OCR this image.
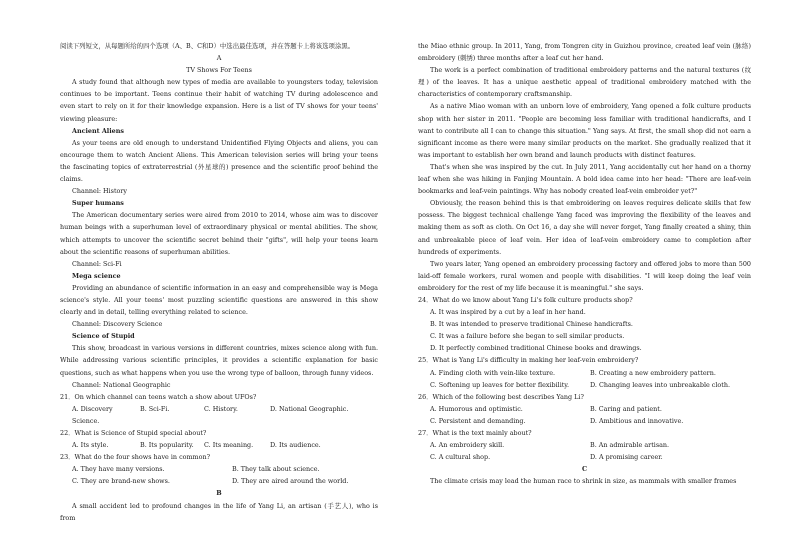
阅读下列短文，从每题所给的四个选项（A、B、C和D）中选出最佳选项，并在答题卡上将该选项涂黑。

A

TV Shows For Teens

A study found that although new types of media are available to youngsters today, television continues to be important. Teens continue their habit of watching TV during adolescence and even start to rely on it for their knowledge expansion. Here is a list of TV shows for your teens' viewing pleasure:

Ancient Aliens

As your teens are old enough to understand Unidentified Flying Objects and aliens, you can encourage them to watch Ancient Aliens. This American television series will bring your teens the fascinating topics of extraterrestrial (外星球的) presence and the scientific proof behind the claims.

Channel: History

Super humans

The American documentary series were aired from 2010 to 2014, whose aim was to discover human beings with a superhuman level of extraordinary physical or mental abilities. The show, which attempts to uncover the scientific secret behind their "gifts", will help your teens learn about the scientific reasons of superhuman abilities.

Channel: Sci-Fi

Mega science

Providing an abundance of scientific information in an easy and comprehensible way is Mega science's style. All your teens' most puzzling scientific questions are answered in this show clearly and in detail, telling everything related to science.

Channel: Discovery Science

Science of Stupid

This show, broadcast in various versions in different countries, mixes science along with fun. While addressing various scientific principles, it provides a scientific explanation for basic questions, such as what happens when you use the wrong type of balloon, through funny videos.

Channel: National Geographic

21．On which channel can teens watch a show about UFOs?

A. Discovery Science.
B. Sci-Fi.	C. History.	D. National Geographic.

22．What is Science of Stupid special about?

A. Its style.	B. Its popularity.	C. Its meaning.	D. Its audience.

23．What do the four shows have in common?

A. They have many versions.	B. They talk about science.
C. They are brand-new shows.	D. They are aired around the world.

B

A small accident led to profound changes in the life of Yang Li, an artisan (手艺人), who is from

the Miao ethnic group. In 2011, Yang, from Tongren city in Guizhou province, created leaf vein (脉络) embroidery (刺绣) three months after a leaf cut her hand.

The work is a perfect combination of traditional embroidery patterns and the natural textures (纹理) of the leaves. It has a unique aesthetic appeal of traditional embroidery matched with the characteristics of contemporary craftsmanship.

As a native Miao woman with an unborn love of embroidery, Yang opened a folk culture products shop with her sister in 2011. "People are becoming less familiar with traditional handicrafts, and I want to contribute all I can to change this situation." Yang says. At first, the small shop did not earn a significant income as there were many similar products on the market. She gradually realized that it was important to establish her own brand and launch products with distinct features.

That's when she was inspired by the cut. In July 2011, Yang accidentally cut her hand on a thorny leaf when she was hiking in Fanjing Mountain. A bold idea came into her head: "There are leaf-vein bookmarks and leaf-vein paintings. Why has nobody created leaf-vein embroider yet?"

Obviously, the reason behind this is that embroidering on leaves requires delicate skills that few possess. The biggest technical challenge Yang faced was improving the flexibility of the leaves and making them as soft as cloth. On Oct 16, a day she will never forget, Yang finally created a shiny, thin and unbreakable piece of leaf vein. Her idea of leaf-vein embroidery came to completion after hundreds of experiments.

Two years later, Yang opened an embroidery processing factory and offered jobs to more than 500 laid-off female workers, rural women and people with disabilities. "I will keep doing the leaf vein embroidery for the rest of my life because it is meaningful." she says.

24．What do we know about Yang Li's folk culture products shop?

A. It was inspired by a cut by a leaf in her hand.

B. It was intended to preserve traditional Chinese handicrafts.

C. It was a failure before she began to sell similar products.

D. It perfectly combined traditional Chinese books and drawings.

25．What is Yang Li's difficulty in making her leaf-vein embroidery?

A. Finding cloth with vein-like texture.	B. Creating a new embroidery pattern.
C. Softening up leaves for better flexibility.	D. Changing leaves into unbreakable cloth.

26．Which of the following best describes Yang Li?

A. Humorous and optimistic.	B. Caring and patient.
C. Persistent and demanding.	D. Ambitious and innovative.

27．What is the text mainly about?

A. An embroidery skill.	B. An admirable artisan.
C. A cultural shop.	D. A promising career.

C

The climate crisis may lead the human race to shrink in size, as mammals with smaller frames
